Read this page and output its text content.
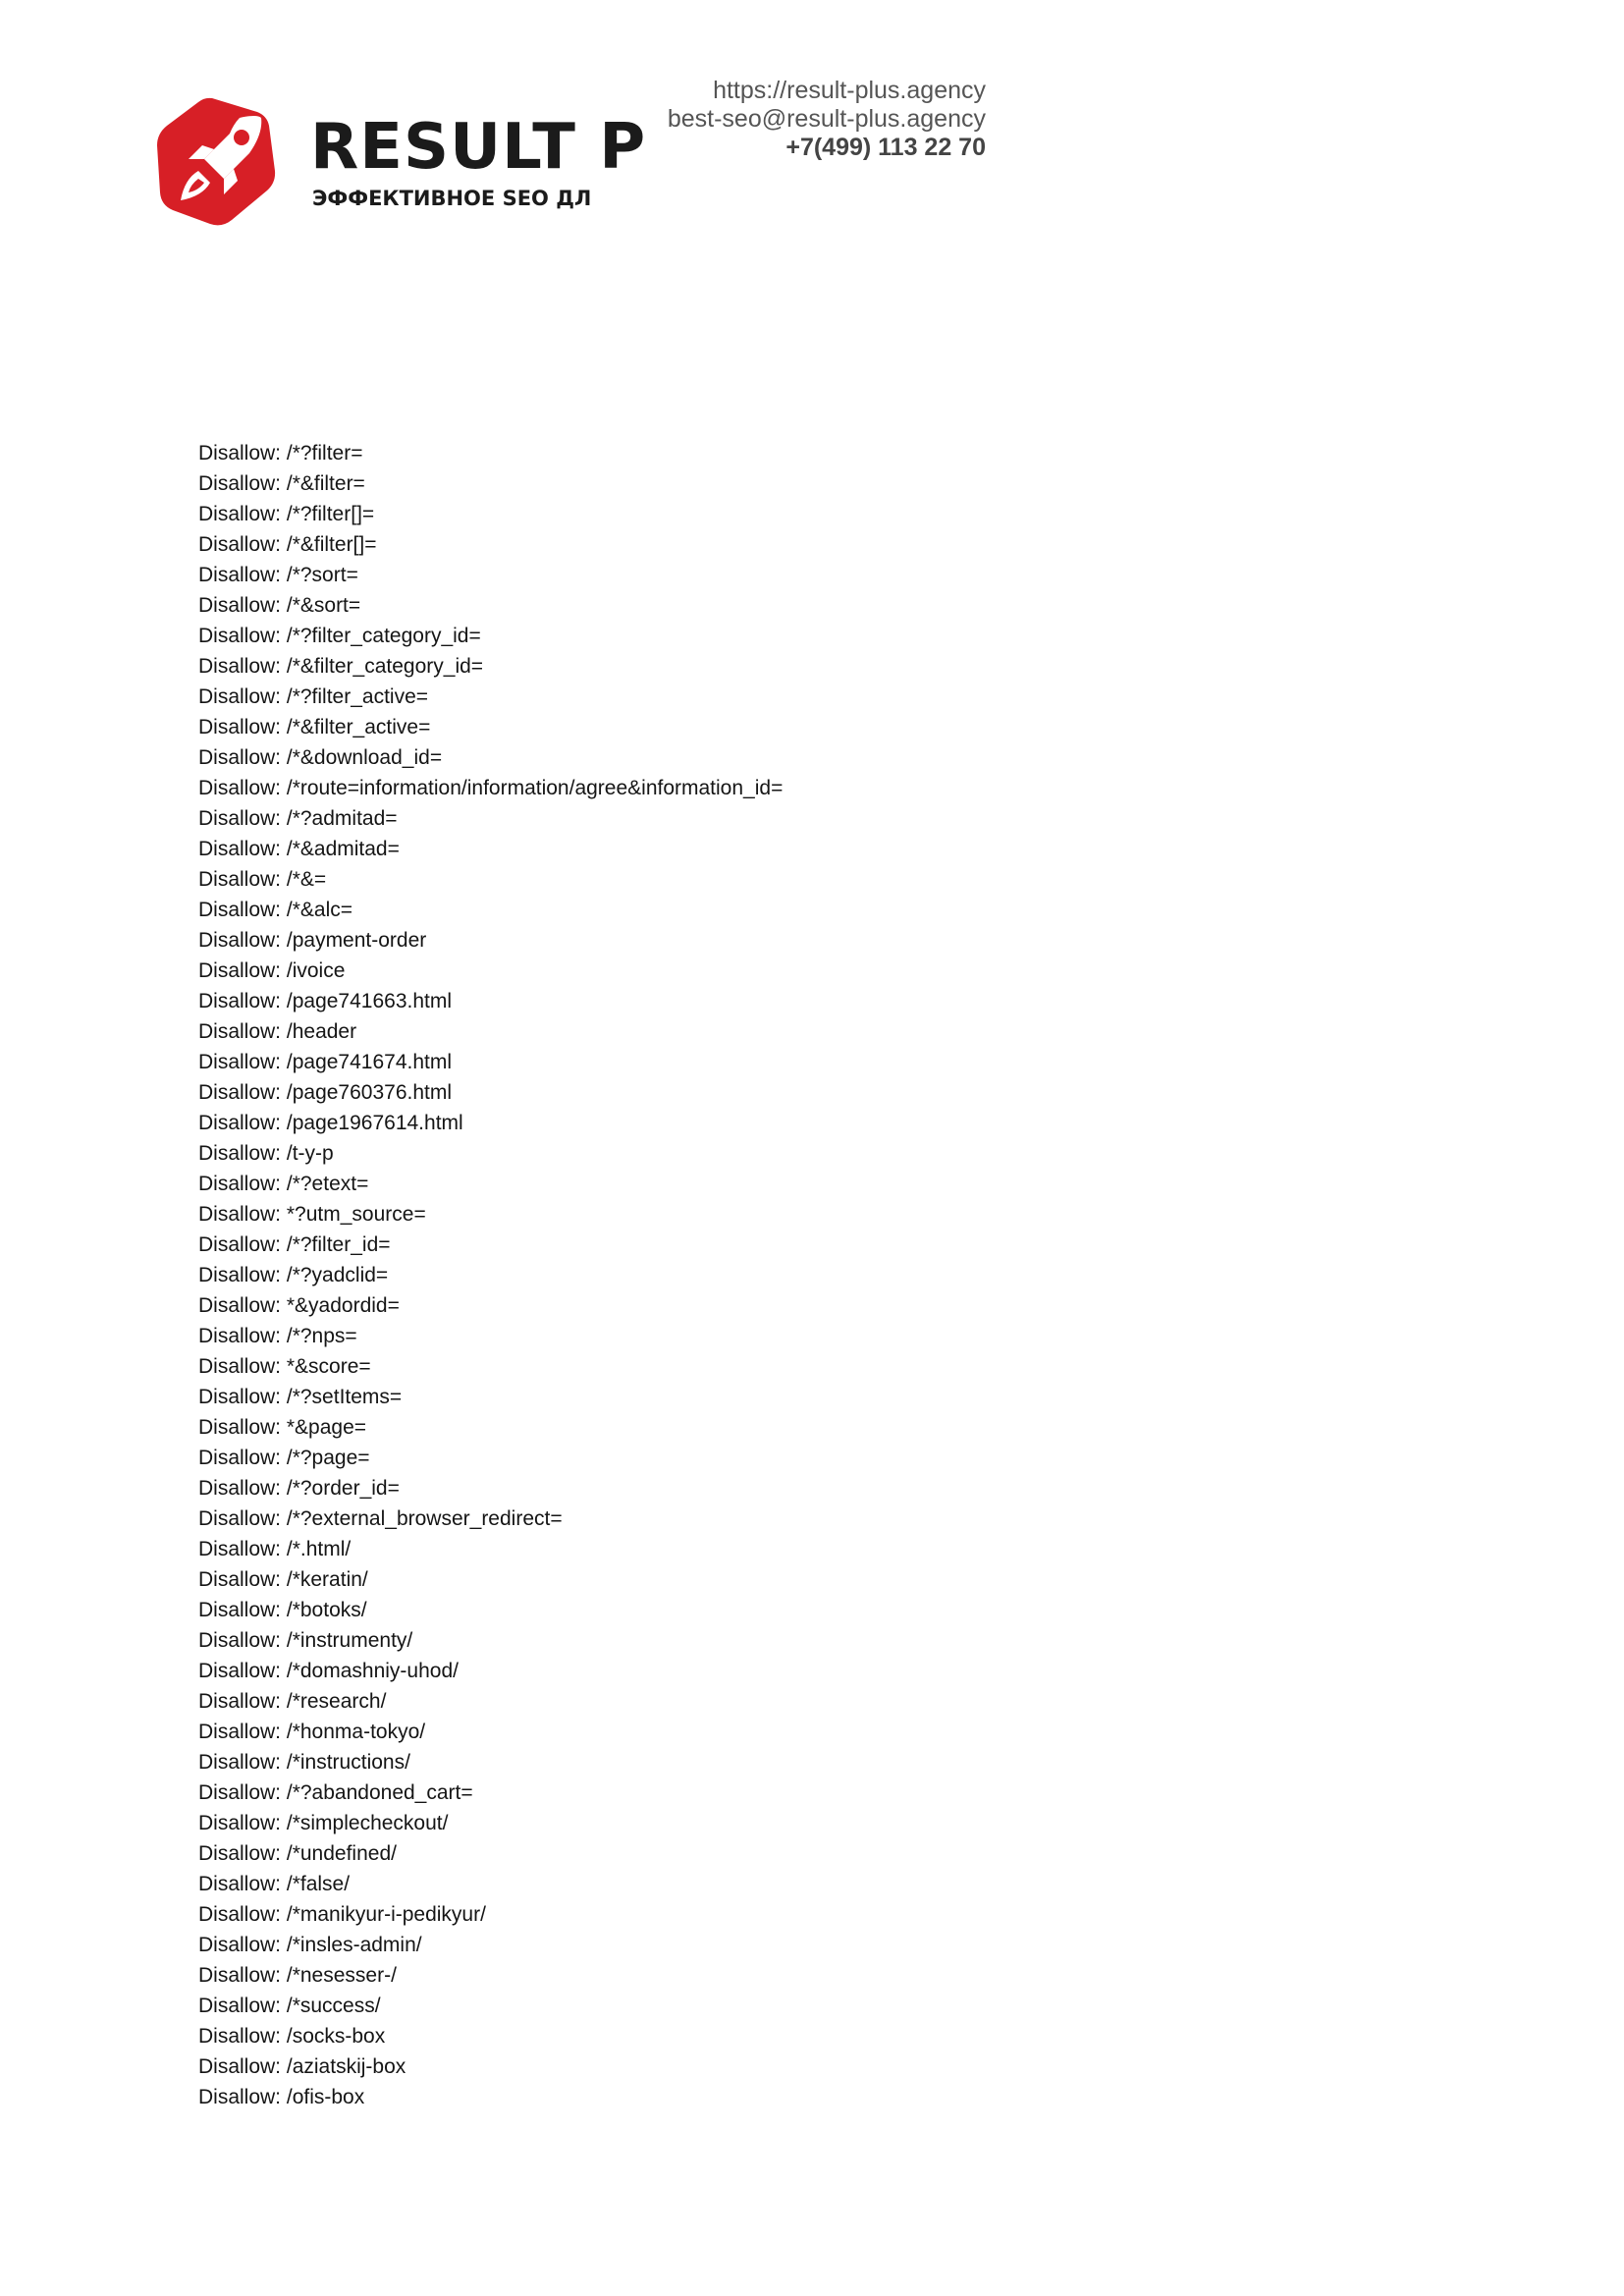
RESULT P
ЭФФЕКТИВНОЕ SEO ДЛ
https://result-plus.agency
best-seo@result-plus.agency
+7(499) 113 22 70
Disallow: /*?filter=
Disallow: /*&filter=
Disallow: /*?filter[]=
Disallow: /*&filter[]=
Disallow: /*?sort=
Disallow: /*&sort=
Disallow: /*?filter_category_id=
Disallow: /*&filter_category_id=
Disallow: /*?filter_active=
Disallow: /*&filter_active=
Disallow: /*&download_id=
Disallow: /*route=information/information/agree&information_id=
Disallow: /*?admitad=
Disallow: /*&admitad=
Disallow: /*&=
Disallow: /*&alc=
Disallow: /payment-order
Disallow: /ivoice
Disallow: /page741663.html
Disallow: /header
Disallow: /page741674.html
Disallow: /page760376.html
Disallow: /page1967614.html
Disallow: /t-y-p
Disallow: /*?etext=
Disallow: *?utm_source=
Disallow: /*?filter_id=
Disallow: /*?yadclid=
Disallow: *&yadordid=
Disallow: /*?nps=
Disallow: *&score=
Disallow: /*?setItems=
Disallow: *&page=
Disallow: /*?page=
Disallow: /*?order_id=
Disallow: /*?external_browser_redirect=
Disallow: /*.html/
Disallow: /*keratin/
Disallow: /*botoks/
Disallow: /*instrumenty/
Disallow: /*domashniy-uhod/
Disallow: /*research/
Disallow: /*honma-tokyo/
Disallow: /*instructions/
Disallow: /*?abandoned_cart=
Disallow: /*simplecheckout/
Disallow: /*undefined/
Disallow: /*false/
Disallow: /*manikyur-i-pedikyur/
Disallow: /*insles-admin/
Disallow: /*nesesser-/
Disallow: /*success/
Disallow: /socks-box
Disallow: /aziatskij-box
Disallow: /ofis-box
